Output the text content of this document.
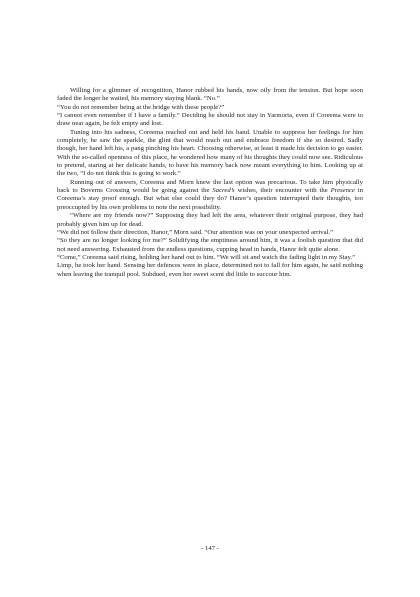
Willing for a glimmer of recognition, Hanor rubbed his hands, now oily from the tension. But hope soon faded the longer he waited, his memory staying blank. “No.”

“You do not remember being at the bridge with these people?”

“I cannot even remember if I have a family.” Deciding he should not stay in Yarmoria, even if Coreema were to draw near again, he felt empty and lost.

Tuning into his sadness, Coreema reached out and held his hand. Unable to suppress her feelings for him completely, he saw the sparkle, the glint that would reach out and embrace freedom if she so desired. Sadly though, her hand left his, a pang pinching his heart. Choosing otherwise, at least it made his decision to go easier. With the so-called openness of this place, he wondered how many of his thoughts they could now see. Ridiculous to pretend, staring at her delicate hands, to have his memory back now meant everything to him. Looking up at the two, “I do not think this is going to work.”

Running out of answers, Coreema and Morn knew the last option was precarious. To take him physically back to Boverns Crossing would be going against the Sacred’s wishes, their encounter with the Presence in Coreema’s stay proof enough. But what else could they do? Hanor’s question interrupted their thoughts, too preoccupied by his own problems to note the next possibility.

“Where are my friends now?” Supposing they had left the area, whatever their original purpose, they had probably given him up for dead.

“We did not follow their direction, Hanor,” Morn said. “Our attention was on your unexpected arrival.”

“So they are no longer looking for me?” Solidifying the emptiness around him, it was a foolish question that did not need answering. Exhausted from the endless questions, cupping head in hands, Hanor felt quite alone.

“Come,” Coreema said rising, holding her hand out to him. “We will sit and watch the fading light in my Stay.”

Limp, he took her hand. Sensing her defences were in place, determined not to fall for him again, he said nothing when leaving the tranquil pool. Subdued, even her sweet scent did little to succour him.

- 147 -
